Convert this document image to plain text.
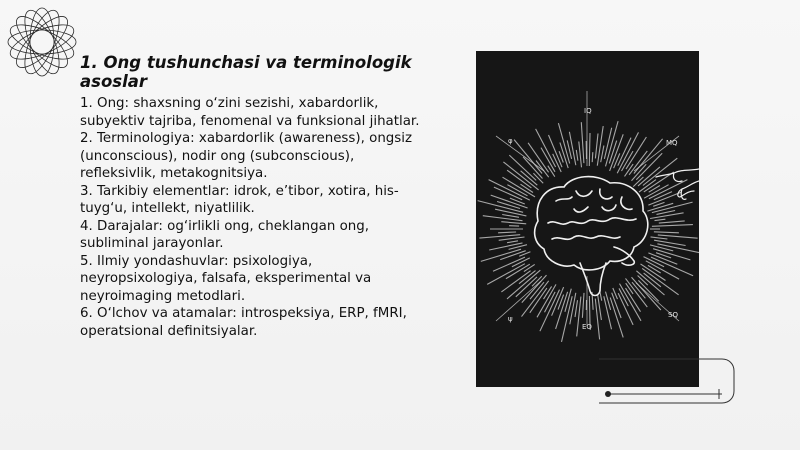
1. Ong tushunchasi va terminologik asoslar
1. Ong: shaxsning o‘zini sezishi, xabardorlik, subyektiv tajriba, fenomenal va funksional jihatlar.
2. Terminologiya: xabardorlik (awareness), ongsiz (unconscious), nodir ong (subconscious), refleksivlik, metakognitsiya.
3. Tarkibiy elementlar: idrok, e’tibor, xotira, his-tuyg‘u, intellekt, niyatlilik.
4. Darajalar: og‘irlikli ong, cheklangan ong, subliminal jarayonlar.
5. Ilmiy yondashuvlar: psixologiya, neyropsixologiya, falsafa, eksperimental va neyroimaging metodlari.
6. O‘lchov va atamalar: introspeksiya, ERP, fMRI, operatsional definitsiyalar.
IQ
φ	MQ
ψ
EQ
SQ
